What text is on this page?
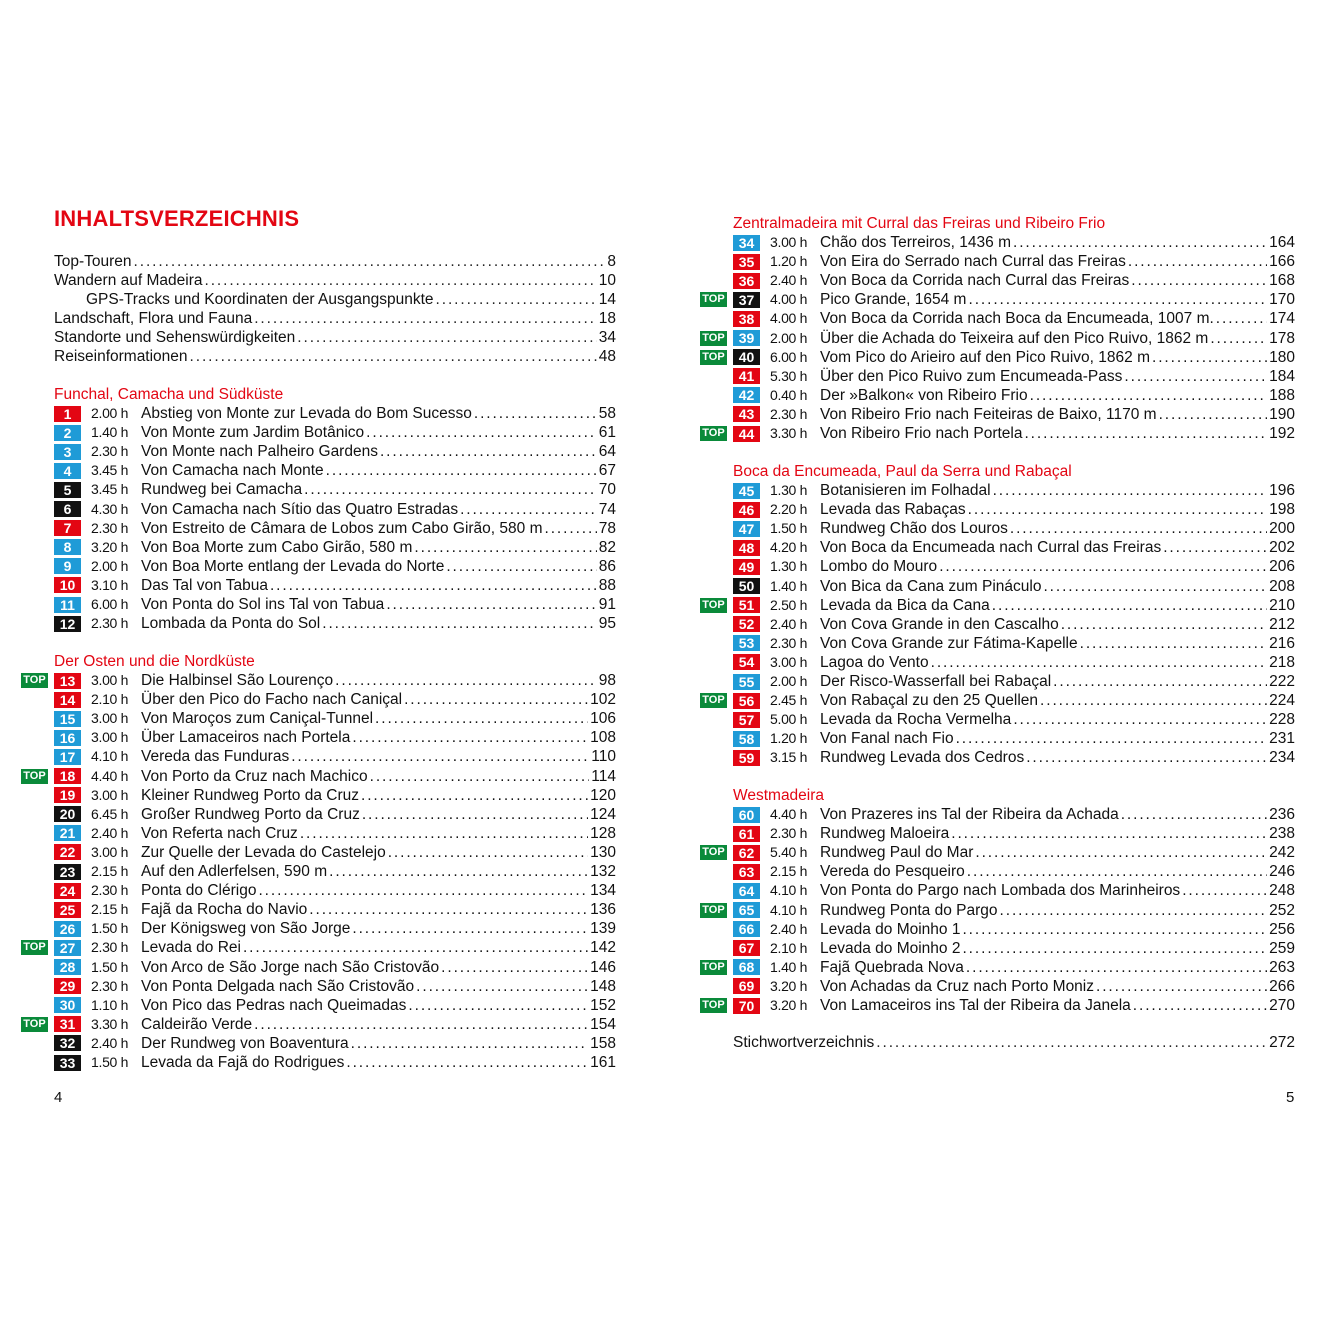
INHALTSVERZEICHNIS
Top-Touren . . .	8
Wandern auf Madeira . . .	10
GPS-Tracks und Koordinaten der Ausgangspunkte . . .	14
Landschaft, Flora und Fauna . . .	18
Standorte und Sehenswürdigkeiten . . .	34
Reiseinformationen . . .	48
Funchal, Camacha und Südküste
1	2.00 h Abstieg von Monte zur Levada do Bom Sucesso . . .	58
2	1.40 h Von Monte zum Jardim Botânico . . .	61
3	2.30 h Von Monte nach Palheiro Gardens . . .	64
4	3.45 h Von Camacha nach Monte . . .	67
5	3.45 h Rundweg bei Camacha . . .	70
6	4.30 h Von Camacha nach Sítio das Quatro Estradas . . .	74
7	2.30 h Von Estreito de Câmara de Lobos zum Cabo Girão, 580 m . . .	78
8	3.20 h Von Boa Morte zum Cabo Girão, 580 m . . .	82
9	2.00 h Von Boa Morte entlang der Levada do Norte . . .	86
10	3.10 h Das Tal von Tabua . . .	88
11	6.00 h Von Ponta do Sol ins Tal von Tabua . . .	91
12	2.30 h Lombada da Ponta do Sol . . .	95
Der Osten und die Nordküste
TOP	13	3.00 h Die Halbinsel São Lourenço . . .	98
14	2.10 h Über den Pico do Facho nach Caniçal . . .	102
15	3.00 h Von Maroços zum Caniçal-Tunnel . . .	106
16	3.00 h Über Lamaceiros nach Portela . . .	108
17	4.10 h Vereda das Funduras . . .	110
TOP	18	4.40 h Von Porto da Cruz nach Machico . . .	114
19	3.00 h Kleiner Rundweg Porto da Cruz . . .	120
20	6.45 h Großer Rundweg Porto da Cruz . . .	124
21	2.40 h Von Referta nach Cruz . . .	128
22	3.00 h Zur Quelle der Levada do Castelejo . . .	130
23	2.15 h Auf den Adlerfelsen, 590 m . . .	132
24	2.30 h Ponta do Clérigo . . .	134
25	2.15 h Fajã da Rocha do Navio . . .	136
26	1.50 h Der Königsweg von São Jorge . . .	139
TOP	27	2.30 h Levada do Rei . . .	142
28	1.50 h Von Arco de São Jorge nach São Cristovão . . .	146
29	2.30 h Von Ponta Delgada nach São Cristovão . . .	148
30	1.10 h Von Pico das Pedras nach Queimadas . . .	152
TOP	31	3.30 h Caldeirão Verde . . .	154
32	2.40 h Der Rundweg von Boaventura . . .	158
33	1.50 h Levada da Fajã do Rodrigues . . .	161
4
Zentralmadeira mit Curral das Freiras und Ribeiro Frio
34	3.00 h Chão dos Terreiros, 1436 m . . .	164
35	1.20 h Von Eira do Serrado nach Curral das Freiras . . .	166
36	2.40 h Von Boca da Corrida nach Curral das Freiras . . .	168
TOP	37	4.00 h Pico Grande, 1654 m . . .	170
38	4.00 h Von Boca da Corrida nach Boca da Encumeada, 1007 m. . . .	174
TOP	39	2.00 h Über die Achada do Teixeira auf den Pico Ruivo, 1862 m . . .	178
TOP	40	6.00 h Vom Pico do Arieiro auf den Pico Ruivo, 1862 m . . .	180
41	5.30 h Über den Pico Ruivo zum Encumeada-Pass . . .	184
42	0.40 h Der »Balkon« von Ribeiro Frio . . .	188
43	2.30 h Von Ribeiro Frio nach Feiteiras de Baixo, 1170 m . . .	190
TOP	44	3.30 h Von Ribeiro Frio nach Portela . . .	192
Boca da Encumeada, Paul da Serra und Rabaçal
45	1.30 h Botanisieren im Folhadal . . .	196
46	2.20 h Levada das Rabaças . . .	198
47	1.50 h Rundweg Chão dos Louros . . .	200
48	4.20 h Von Boca da Encumeada nach Curral das Freiras . . .	202
49	1.30 h Lombo do Mouro . . .	206
50	1.40 h Von Bica da Cana zum Pináculo . . .	208
TOP	51	2.50 h Levada da Bica da Cana . . .	210
52	2.40 h Von Cova Grande in den Cascalho . . .	212
53	2.30 h Von Cova Grande zur Fátima-Kapelle . . .	216
54	3.00 h Lagoa do Vento . . .	218
55	2.00 h Der Risco-Wasserfall bei Rabaçal . . .	222
TOP	56	2.45 h Von Rabaçal zu den 25 Quellen . . .	224
57	5.00 h Levada da Rocha Vermelha . . .	228
58	1.20 h Von Fanal nach Fio . . .	231
59	3.15 h Rundweg Levada dos Cedros . . .	234
Westmadeira
60	4.40 h Von Prazeres ins Tal der Ribeira da Achada . . .	236
61	2.30 h Rundweg Maloeira . . .	238
TOP	62	5.40 h Rundweg Paul do Mar . . .	242
63	2.15 h Vereda do Pesqueiro . . .	246
64	4.10 h Von Ponta do Pargo nach Lombada dos Marinheiros . . .	248
TOP	65	4.10 h Rundweg Ponta do Pargo . . .	252
66	2.40 h Levada do Moinho 1 . . .	256
67	2.10 h Levada do Moinho 2 . . .	259
TOP	68	1.40 h Fajã Quebrada Nova . . .	263
69	3.20 h Von Achadas da Cruz nach Porto Moniz . . .	266
TOP	70	3.20 h Von Lamaceiros ins Tal der Ribeira da Janela . . .	270
Stichwortverzeichnis . . .	272
5
